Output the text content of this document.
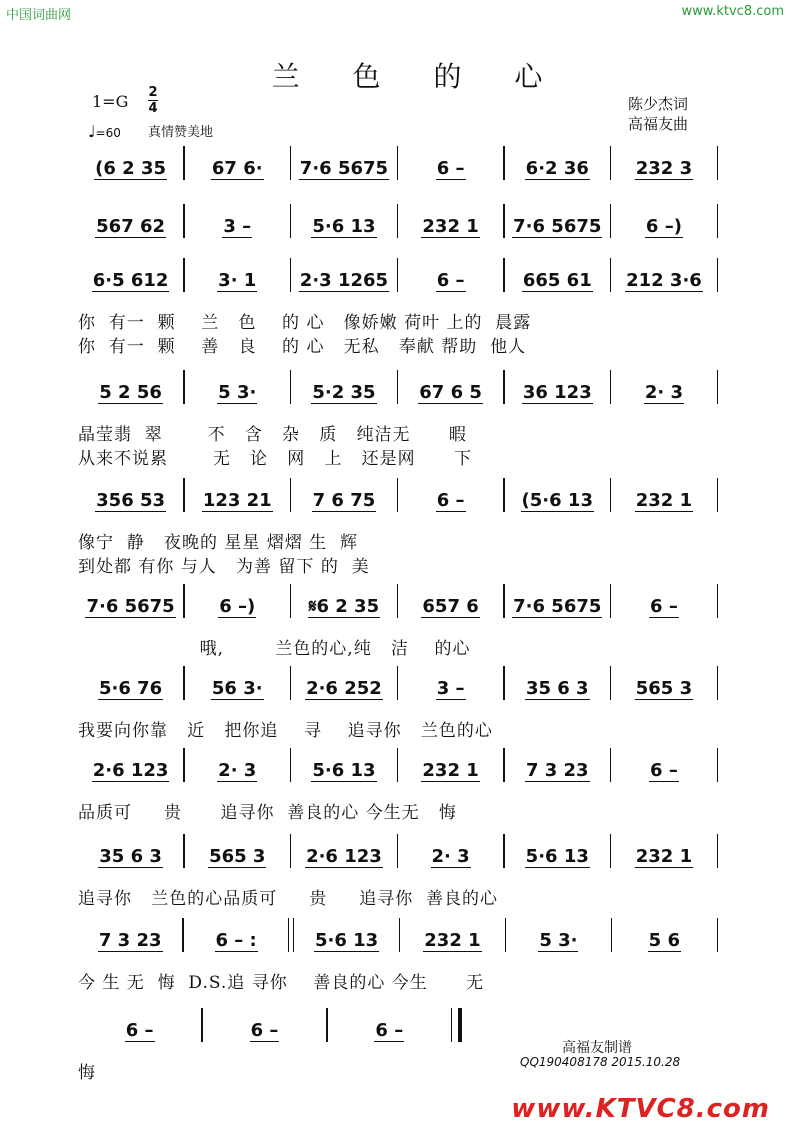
中国词曲网	www.ktvc8.com
兰 色 的 心
1=G 2
4
♩=60 真情赞美地
陈少杰词
高福友曲
(6 2 35	67 6· 7·6 5675	6 –	6·2 36	232 3
567 62	3 –	5·6 13	232 1 7·6 5675 6 –)
6·5 612	3· 1 2·3 1265	6 –	665 61 212 3·6
你  有一  颗    兰   色    的 心   像娇嫩 荷叶 上的  晨露
你  有一  颗    善   良    的 心   无私   奉献 帮助  他人
5 2 56	5 3·	5·2 35 67 6 5 36 123	2· 3
晶莹翡  翠       不   含   杂   质   纯洁无      暇
从来不说累       无   论   网   上   还是网      下
356 53 123 21 7 6 75	6 –	(5·6 13 232 1
像宁  静   夜晚的 星星 熠熠 生  辉
到处都 有你 与人   为善 留下 的  美
7·6 5675 6 –)	𝄋6 2 35 657 6 7·6 5675	6 –
哦,        兰色的心,纯   洁    的心
5·6 76	56 3· 2·6 252	3 –	35 6 3	565 3
我要向你靠   近   把你追    寻    追寻你   兰色的心
2·6 123	2· 3	5·6 13	232 1	7 3 23	6 –
品质可     贵      追寻你  善良的心 今生无   悔
35 6 3	565 3 2·6 123	2· 3	5·6 13	232 1
追寻你   兰色的心品质可     贵     追寻你  善良的心
7 3 23	6 – :	5·6 13	232 1	5 3·	5 6
今 生 无  悔  D.S.追 寻你    善良的心 今生      无
6 –	6 –	6 –
悔
高福友制谱
QQ190408178 2015.10.28
www.KTVC8.com
